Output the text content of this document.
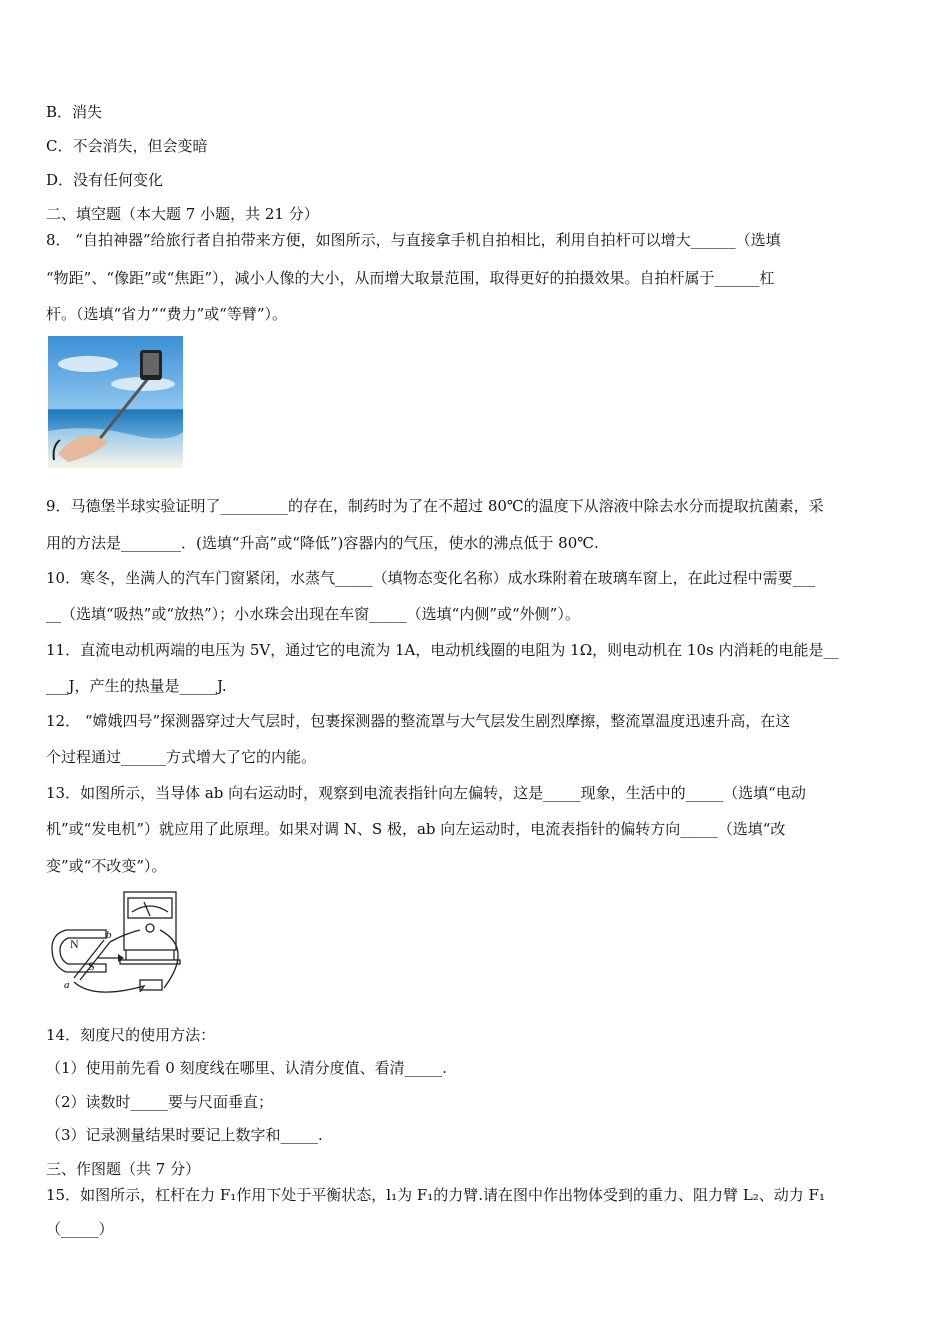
B．消失
C．不会消失，但会变暗
D．没有任何变化
二、填空题（本大题 7 小题，共 21 分）
8． “自拍神器”给旅行者自拍带来方便，如图所示，与直接拿手机自拍相比，利用自拍杆可以增大______（选填
“物距”、“像距”或“焦距”），减小人像的大小，从而增大取景范围，取得更好的拍摄效果。自拍杆属于______杠
杆。（选填“省力”“费力”或“等臂”）。
9．马德堡半球实验证明了_________的存在，制药时为了在不超过 80℃的温度下从溶液中除去水分而提取抗菌素，采
用的方法是________．(选填“升高”或“降低”)容器内的气压，使水的沸点低于 80℃.
10．寒冬，坐满人的汽车门窗紧闭，水蒸气_____（填物态变化名称）成水珠附着在玻璃车窗上，在此过程中需要___
__（选填“吸热”或“放热”）；小水珠会出现在车窗_____（选填“内侧”或“外侧”）。
11．直流电动机两端的电压为 5V，通过它的电流为 1A，电动机线圈的电阻为 1Ω，则电动机在 10s 内消耗的电能是__
___J，产生的热量是_____J.
12． “嫦娥四号”探测器穿过大气层时，包裹探测器的整流罩与大气层发生剧烈摩擦，整流罩温度迅速升高，在这
个过程通过______方式增大了它的内能。
13．如图所示，当导体 ab 向右运动时，观察到电流表指针向左偏转，这是_____现象，生活中的_____（选填“电动
机”或“发电机”）就应用了此原理。如果对调 N、S 极，ab 向左运动时，电流表指针的偏转方向_____（选填“改
变”或“不改变”）。
N
S
a
b
14．刻度尺的使用方法：
（1）使用前先看 0 刻度线在哪里、认清分度值、看清_____.
（2）读数时_____要与尺面垂直；
（3）记录测量结果时要记上数字和_____.
三、作图题（共 7 分）
15．如图所示，杠杆在力 F₁作用下处于平衡状态，l₁为 F₁的力臂.请在图中作出物体受到的重力、阻力臂 L₂、动力 F₁
（_____）
